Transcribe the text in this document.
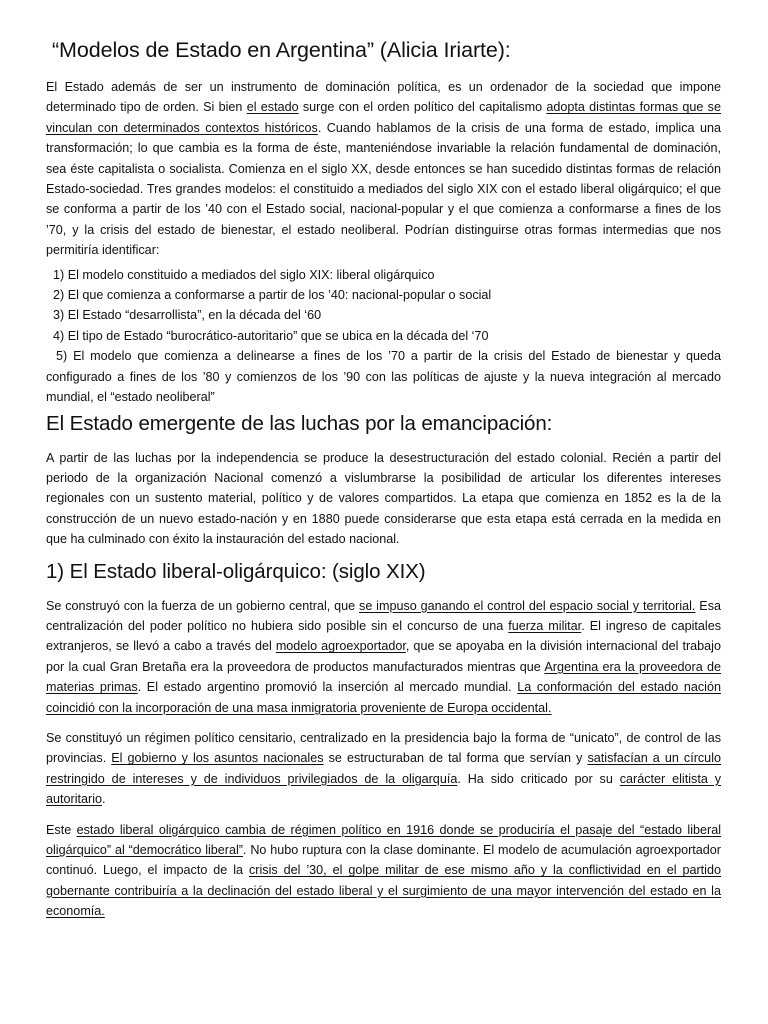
“Modelos de Estado en Argentina” (Alicia Iriarte):

El Estado además de ser un instrumento de dominación política, es un ordenador de la sociedad que impone determinado tipo de orden. Si bien el estado surge con el orden político del capitalismo adopta distintas formas que se vinculan con determinados contextos históricos. Cuando hablamos de la crisis de una forma de estado, implica una transformación; lo que cambia es la forma de éste, manteniéndose invariable la relación fundamental de dominación, sea éste capitalista o socialista. Comienza en el siglo XX, desde entonces se han sucedido distintas formas de relación Estado-sociedad. Tres grandes modelos: el constituido a mediados del siglo XIX con el estado liberal oligárquico; el que se conforma a partir de los ’40 con el Estado social, nacional-popular y el que comienza a conformarse a fines de los ’70, y la crisis del estado de bienestar, el estado neoliberal. Podrían distinguirse otras formas intermedias que nos permitiría identificar:

1) El modelo constituido a mediados del siglo XIX: liberal oligárquico
2) El que comienza a conformarse a partir de los ’40: nacional-popular o social
3) El Estado “desarrollista”, en la década del ‘60
4) El tipo de Estado “burocrático-autoritario” que se ubica en la década del ‘70
5) El modelo que comienza a delinearse a fines de los ’70 a partir de la crisis del Estado de bienestar y queda configurado a fines de los ’80 y comienzos de los ’90 con las políticas de ajuste y la nueva integración al mercado mundial, el “estado neoliberal”
El Estado emergente de las luchas por la emancipación:

A partir de las luchas por la independencia se produce la desestructuración del estado colonial. Recién a partir del periodo de la organización Nacional comenzó a vislumbrarse la posibilidad de articular los diferentes intereses regionales con un sustento material, político y de valores compartidos. La etapa que comienza en 1852 es la de la construcción de un nuevo estado-nación y en 1880 puede considerarse que esta etapa está cerrada en la medida en que ha culminado con éxito la instauración del estado nacional.

1) El Estado liberal-oligárquico: (siglo XIX)

Se construyó con la fuerza de un gobierno central, que se impuso ganando el control del espacio social y territorial. Esa centralización del poder político no hubiera sido posible sin el concurso de una fuerza militar. El ingreso de capitales extranjeros, se llevó a cabo a través del modelo agroexportador, que se apoyaba en la división internacional del trabajo por la cual Gran Bretaña era la proveedora de productos manufacturados mientras que Argentina era la proveedora de materias primas. El estado argentino promovió la inserción al mercado mundial. La conformación del estado nación coincidió con la incorporación de una masa inmigratoria proveniente de Europa occidental.

Se constituyó un régimen político censitario, centralizado en la presidencia bajo la forma de “unicato”, de control de las provincias. El gobierno y los asuntos nacionales se estructuraban de tal forma que servían y satisfacían a un círculo restringido de intereses y de individuos privilegiados de la oligarquía. Ha sido criticado por su carácter elitista y autoritario.

Este estado liberal oligárquico cambia de régimen político en 1916 donde se produciría el pasaje del “estado liberal oligárquico” al “democrático liberal”. No hubo ruptura con la clase dominante. El modelo de acumulación agroexportador continuó. Luego, el impacto de la crisis del ’30, el golpe militar de ese mismo año y la conflictividad en el partido gobernante contribuiría a la declinación del estado liberal y el surgimiento de una mayor intervención del estado en la economía.
